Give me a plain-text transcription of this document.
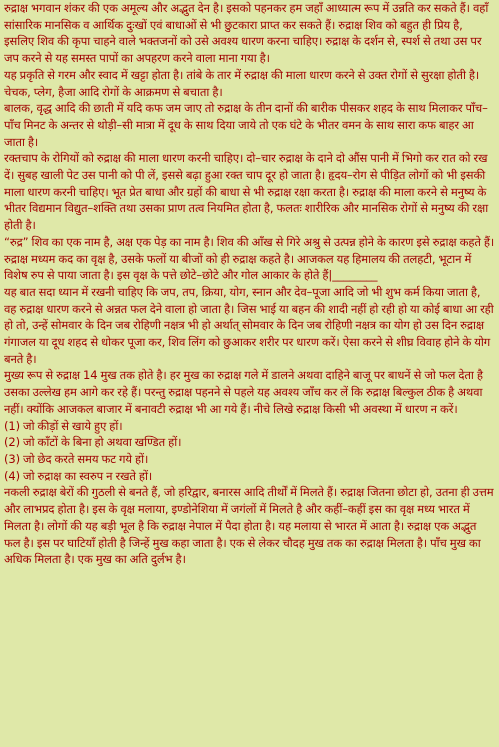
रुद्राक्ष भगवान शंकर की एक अमूल्य और अद्भुत देन है। इसको पहनकर हम जहाँ आध्यात्म रूप में उन्नति कर सकते हैं। वहाँ सांसारिक मानसिक व आर्थिक दुःखों एवं बाधाओं से भी छुटकारा प्राप्त कर सकते हैं। रुद्राक्ष शिव को बहुत ही प्रिय है, इसलिए शिव की कृपा चाहने वाले भक्तजनों को उसे अवश्य धारण करना चाहिए। रुद्राक्ष के दर्शन से, स्पर्श से तथा उस पर जप करने से यह समस्त पापों का अपहरण करने वाला माना गया है।

यह प्रकृति से गरम और स्वाद में खट्टा होता है। तांबे के तार में रुद्राक्ष की माला धारण करने से उक्त रोगों से सुरक्षा होती है। चेचक, प्लेग, हैजा आदि रोगों के आक्रमण से बचाता है।

बालक, वृद्ध आदि की छाती में यदि कफ जम जाए तो रुद्राक्ष के तीन दानों की बारीक पीसकर शहद के साथ मिलाकर पाँच–पाँच मिनट के अन्तर से थोड़ी–सी मात्रा में दूध के साथ दिया जाये तो एक घंटे के भीतर वमन के साथ सारा कफ बाहर आ जाता है।

रक्तचाप के रोगियों को रुद्राक्ष की माला धारण करनी चाहिए। दो–चार रुद्राक्ष के दाने दो औंस पानी में भिगो कर रात को रख दें। सुबह खाली पेट उस पानी को पी लें, इससे बढ़ा हुआ रक्त चाप दूर हो जाता है। हृदय–रोग से पीड़ित लोगों को भी इसकी माला धारण करनी चाहिए। भूत प्रेत बाधा और ग्रहों की बाधा से भी रुद्राक्ष रक्षा करता है। रुद्राक्ष की माला करने से मनुष्य के भीतर विद्यमान विद्युत–शक्ति तथा उसका प्राण तत्व नियमित होता है, फलतः शारीरिक और मानसिक रोगों से मनुष्य की रक्षा होती है।

“रुद्र” शिव का एक नाम है, अक्ष एक पेड़ का नाम है। शिव की आँख से गिरे अश्रु से उत्पन्न होने के कारण इसे रुद्राक्ष कहते हैं। रुद्राक्ष मध्यम कद का वृक्ष है, उसके फलों या बीजों को ही रुद्राक्ष कहते है। आजकल यह हिमालय की तलहटी, भूटान में विशेष रुप से पाया जाता है। इस वृक्ष के पत्ते छोटे–छोटे और गोल आकार के होते हैं|________

यह बात सदा ध्यान में रखनी चाहिए कि जप, तप, क्रिया, योग, स्नान और देव–पूजा आदि जो भी शुभ कर्म किया जाता है, वह रुद्राक्ष धारण करने से अन्नत फल देने वाला हो जाता है। जिस भाई या बहन की शादी नहीं हो रही हो या कोई बाधा आ रही हो तो, उन्हें सोमवार के दिन जब रोहिणी नक्षत्र भी हो अर्थात् सोमवार के दिन जब रोहिणी नक्षत्र का योग हो उस दिन रुद्राक्ष गंगाजल या दूध शहद से धोकर पूजा कर, शिव लिंग को छुआकर शरीर पर धारण करें। ऐसा करने से शीघ्र विवाह होने के योग बनते है।

मुख्य रूप से रुद्राक्ष 14 मुख तक होते है। हर मुख का रुद्राक्ष गले में डालने अथवा दाहिने बाजू पर बाधनें से जो फल देता है उसका उल्लेख हम आगे कर रहे हैं। परन्तु रुद्राक्ष पहनने से पहले यह अवश्य जाँच कर लें कि रुद्राक्ष बिल्कुल ठीक है अथवा नहीं। क्योंकि आजकल बाजार में बनावटी रुद्राक्ष भी आ गये हैं। नीचे लिखे रुद्राक्ष किसी भी अवस्था में धारण न करें।

(1) जो कीड़ों से खाये हुए हों।
(2) जो काँटों के बिना हो अथवा खण्डित हों।
(3) जो छेद करते समय फट गये हों।
(4) जो रुद्राक्ष का स्वरुप न रखते हों।

नकली रुद्राक्ष बेरों की गुठली से बनते हैं, जो हरिद्वार, बनारस आदि तीर्थों में मिलते हैं। रुद्राक्ष जितना छोटा हो, उतना ही उत्तम और लाभप्रद होता है। इस के वृक्ष मलाया, इण्डोनेशिया में जगंलों में मिलते है और कहीं–कहीं इस का वृक्ष मध्य भारत में मिलता है। लोगों की यह बड़ी भूल है कि रुद्राक्ष नेपाल में पैदा होता है। यह मलाया से भारत में आता है। रुद्राक्ष एक अद्भुत फल है। इस पर घाटियाँ होती है जिन्हें मुख कहा जाता है। एक से लेकर चौदह मुख तक का रुद्राक्ष मिलता है। पाँच मुख का अधिक मिलता है। एक मुख का अति दुर्लभ है।
